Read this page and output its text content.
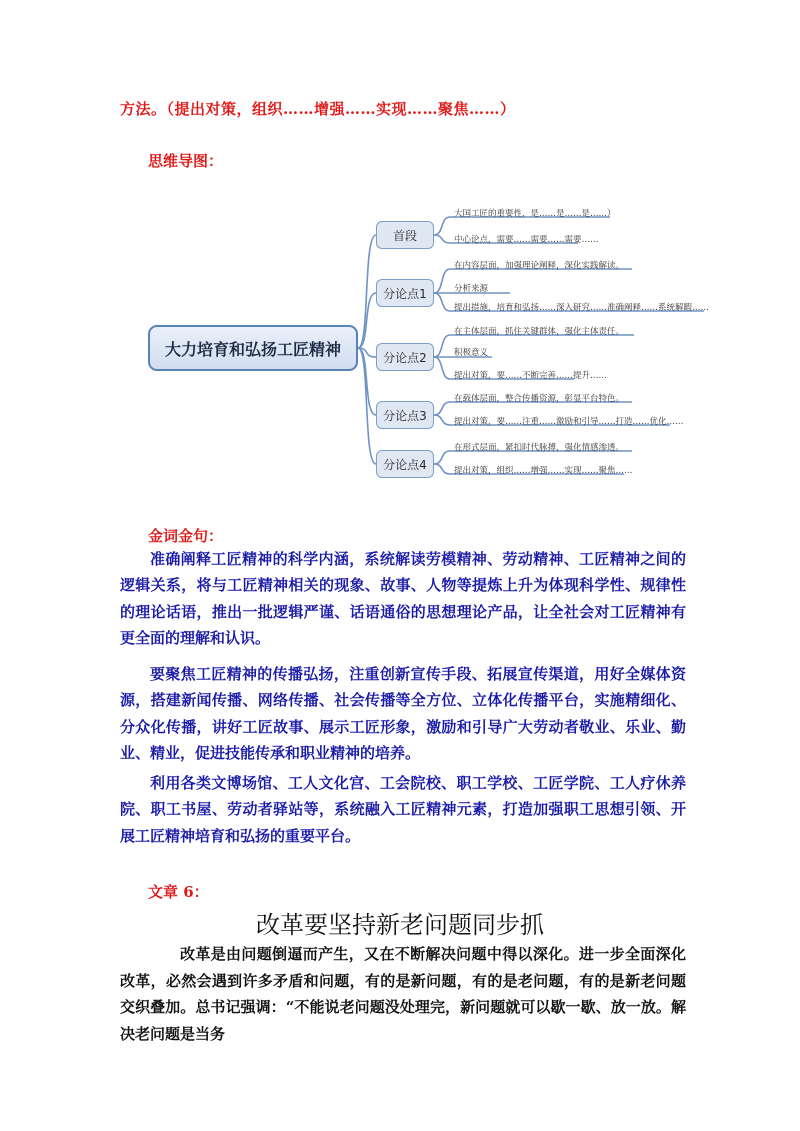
方法。（提出对策，组织……增强……实现……聚焦……）
思维导图：
大力培育和弘扬工匠精神
首段
大国工匠的重要性，是……是……是……）
中心论点，需要……需要……需要……
分论点1
在内容层面，加强理论阐释，深化实践解读。
分析来源
提出措施，培育和弘扬……深入研究……准确阐释……系统解暇……
分论点2
在主体层面，抓住关键群体，强化主体责任。
积极意义
提出对策，要……不断完善……提升……
分论点3
在载体层面，整合传播资源，彰显平台特色。
提出对策，要……注重……激励和引导……打造……优化……
分论点4
在形式层面，紧扣时代脉搏，强化情感渗透。
提出对策，组织……增强……实现……聚焦……
金词金句：
准确阐释工匠精神的科学内涵，系统解读劳模精神、劳动精神、工匠精神之间的逻辑关系，将与工匠精神相关的现象、故事、人物等提炼上升为体现科学性、规律性的理论话语，推出一批逻辑严谨、话语通俗的思想理论产品，让全社会对工匠精神有更全面的理解和认识。
要聚焦工匠精神的传播弘扬，注重创新宣传手段、拓展宣传渠道，用好全媒体资源，搭建新闻传播、网络传播、社会传播等全方位、立体化传播平台，实施精细化、分众化传播，讲好工匠故事、展示工匠形象，激励和引导广大劳动者敬业、乐业、勤业、精业，促进技能传承和职业精神的培养。
利用各类文博场馆、工人文化宫、工会院校、职工学校、工匠学院、工人疗休养院、职工书屋、劳动者驿站等，系统融入工匠精神元素，打造加强职工思想引领、开展工匠精神培育和弘扬的重要平台。
文章 6：
改革要坚持新老问题同步抓
改革是由问题倒逼而产生，又在不断解决问题中得以深化。进一步全面深化改革，必然会遇到许多矛盾和问题，有的是新问题，有的是老问题，有的是新老问题交织叠加。总书记强调：“不能说老问题没处理完，新问题就可以歇一歇、放一放。解决老问题是当务
